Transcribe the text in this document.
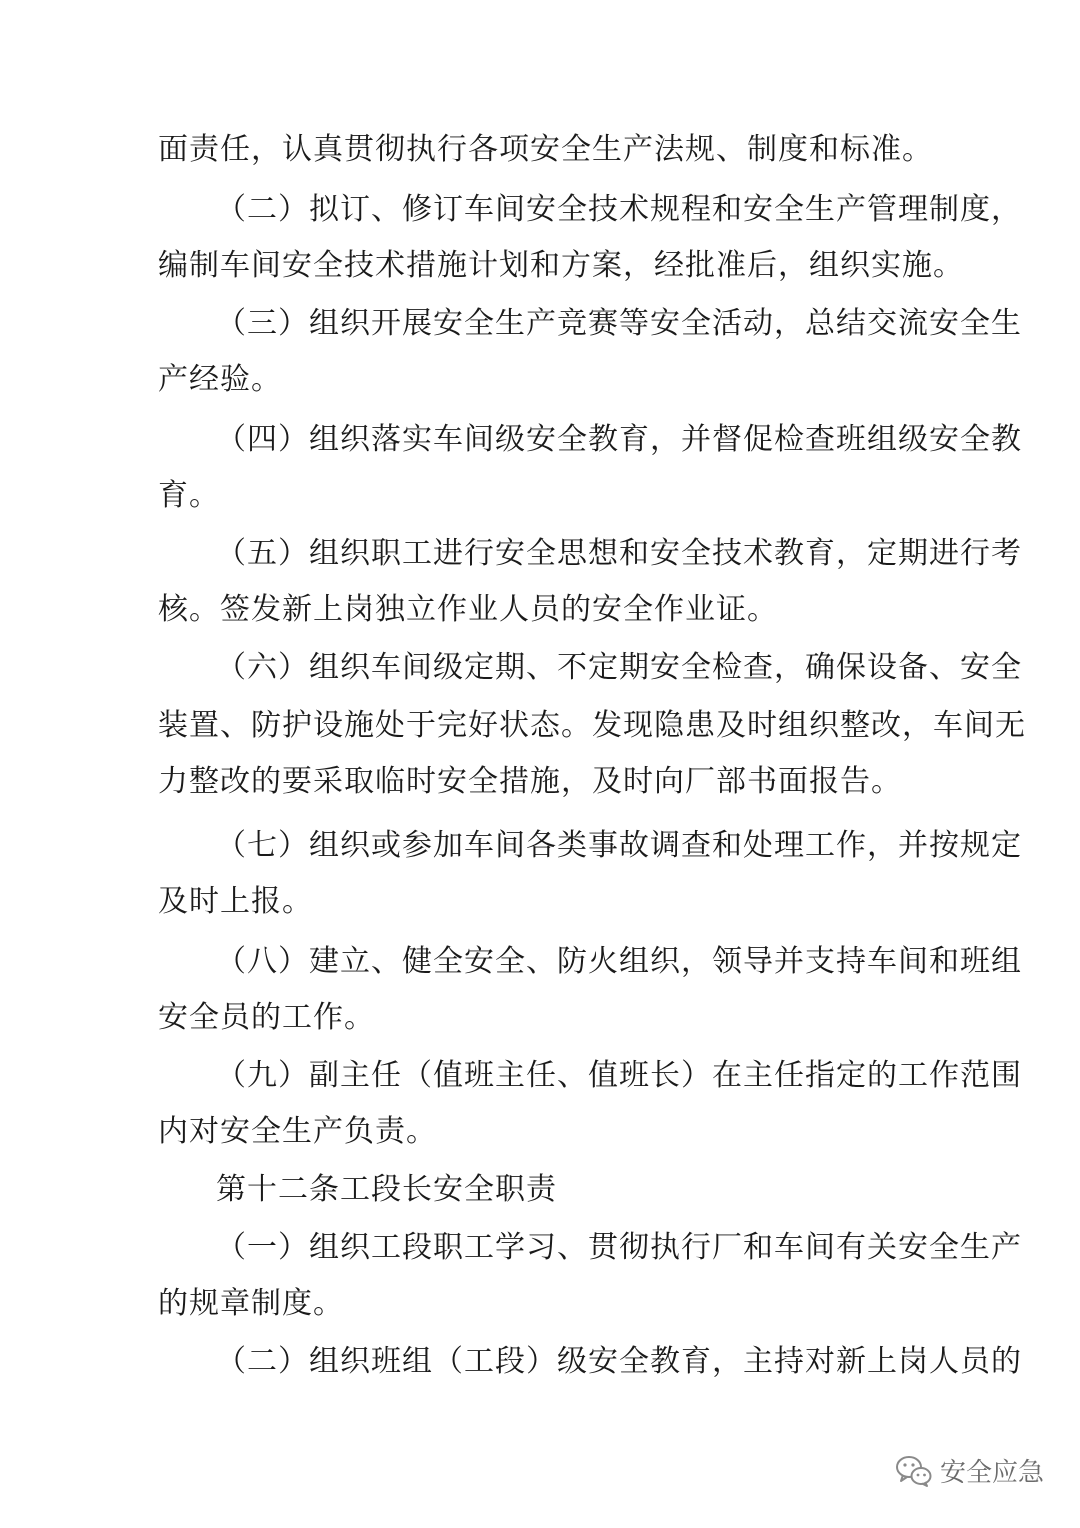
面责任，认真贯彻执行各项安全生产法规、制度和标准。
（二）拟订、修订车间安全技术规程和安全生产管理制度，
编制车间安全技术措施计划和方案，经批准后，组织实施。
（三）组织开展安全生产竞赛等安全活动，总结交流安全生
产经验。
（四）组织落实车间级安全教育，并督促检查班组级安全教
育。
（五）组织职工进行安全思想和安全技术教育，定期进行考
核。签发新上岗独立作业人员的安全作业证。
（六）组织车间级定期、不定期安全检查，确保设备、安全
装置、防护设施处于完好状态。发现隐患及时组织整改，车间无
力整改的要采取临时安全措施，及时向厂部书面报告。
（七）组织或参加车间各类事故调查和处理工作，并按规定
及时上报。
（八）建立、健全安全、防火组织，领导并支持车间和班组
安全员的工作。
（九）副主任（值班主任、值班长）在主任指定的工作范围
内对安全生产负责。
第十二条工段长安全职责
（一）组织工段职工学习、贯彻执行厂和车间有关安全生产
的规章制度。
（二）组织班组（工段）级安全教育，主持对新上岗人员的
安全应急
